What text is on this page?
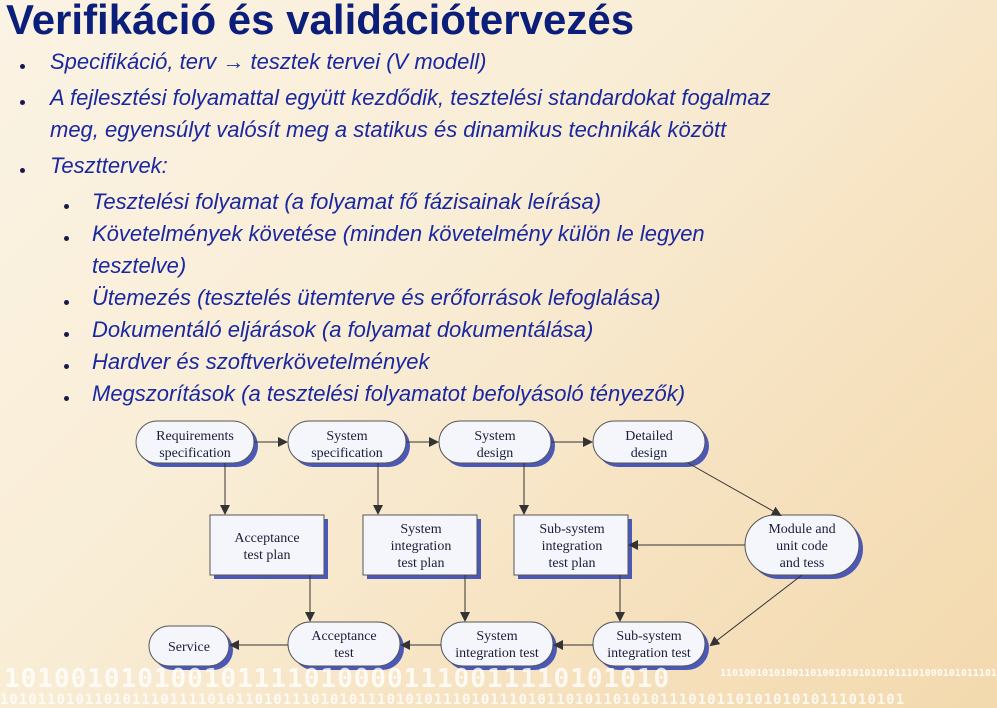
Verifikáció és validációtervezés
Specifikáció, terv → tesztek tervei (V modell)
A fejlesztési folyamattal együtt kezdődik, tesztelési standardokat fogalmaz
meg, egyensúlyt valósít meg a statikus és dinamikus technikák között
Teszttervek:
Tesztelési folyamat (a folyamat fő fázisainak leírása)
Követelmények követése (minden követelmény külön le legyen
tesztelve)
Ütemezés (tesztelés ütemterve és erőforrások lefoglalása)
Dokumentáló eljárások (a folyamat dokumentálása)
Hardver és szoftverkövetelmények
Megszorítások (a tesztelési folyamatot befolyásoló tényezők)
Requirements
specification
System
specification
System
design
Detailed
design
Acceptance
test plan
System
integration
test plan
Sub-system
integration
test plan
Module and
unit code
and tess
Service
Acceptance
test
System
integration test
Sub-system
integration test
1010010101001011110100001110011110101010	1101001010100110100101010101011101000101011101
101011010110101110111101011010111010101110101011101011101011010110101011101011010101010111010101
